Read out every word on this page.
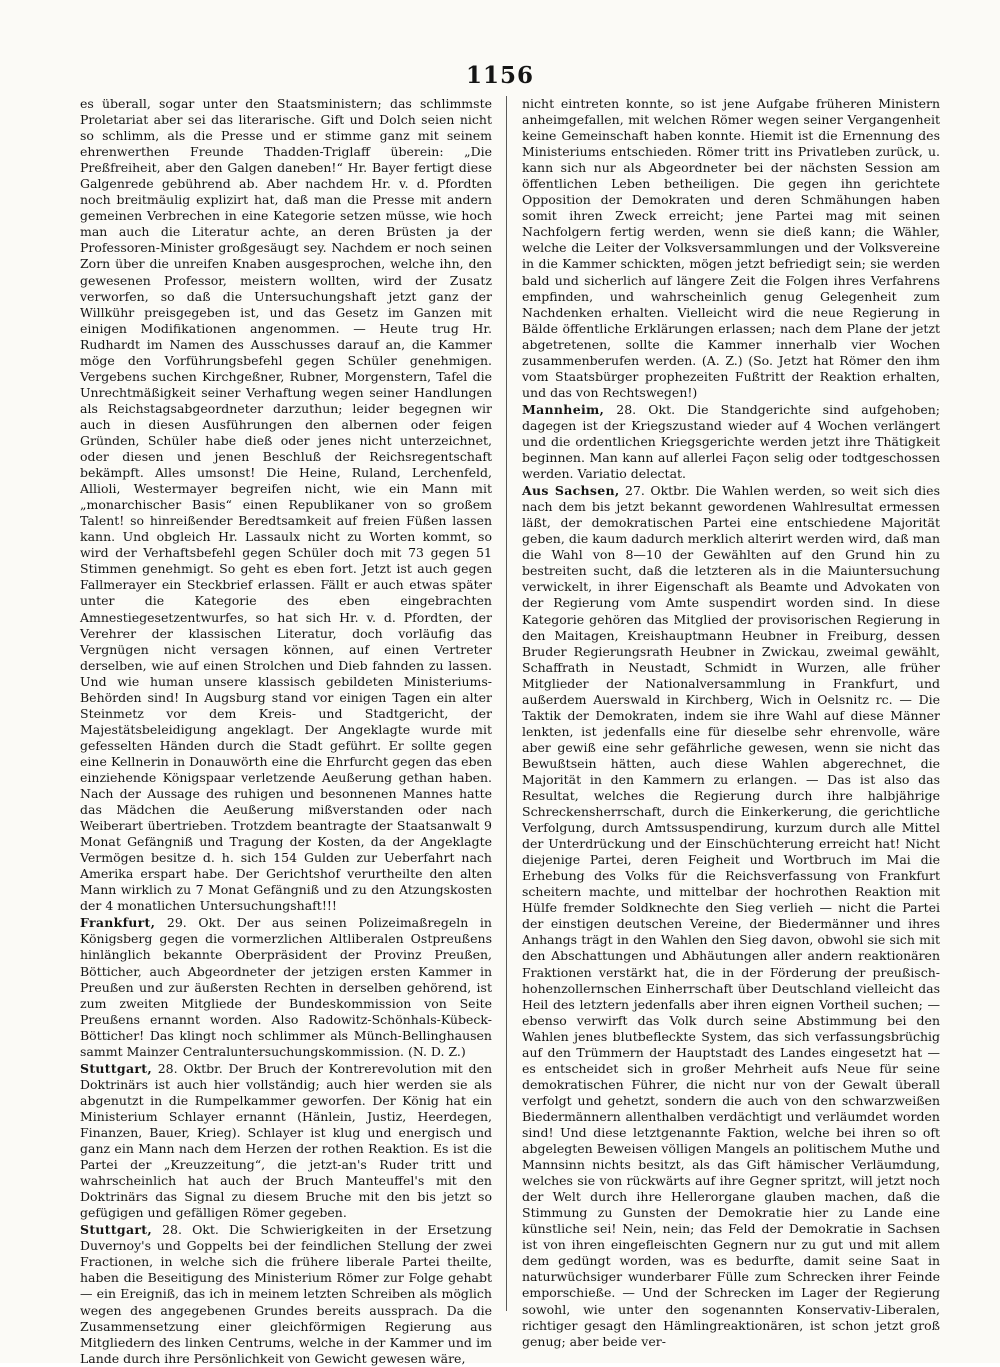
1156

es überall, sogar unter den Staatsministern; das schlimmste Proletariat aber sei das literarische. Gift und Dolch seien nicht so schlimm, als die Presse und er stimme ganz mit seinem ehrenwerthen Freunde Thadden-Triglaff überein: „Die Preßfreiheit, aber den Galgen daneben!“ Hr. Bayer fertigt diese Galgenrede gebührend ab. Aber nachdem Hr. v. d. Pfordten noch breitmäulig explizirt hat, daß man die Presse mit andern gemeinen Verbrechen in eine Kategorie setzen müsse, wie hoch man auch die Literatur achte, an deren Brüsten ja der Professoren-Minister großgesäugt sey. Nachdem er noch seinen Zorn über die unreifen Knaben ausgesprochen, welche ihn, den gewesenen Professor, meistern wollten, wird der Zusatz verworfen, so daß die Untersuchungshaft jetzt ganz der Willkühr preisgegeben ist, und das Gesetz im Ganzen mit einigen Modifikationen angenommen. — Heute trug Hr. Rudhardt im Namen des Ausschusses darauf an, die Kammer möge den Vorführungsbefehl gegen Schüler genehmigen. Vergebens suchen Kirchgeßner, Rubner, Morgenstern, Tafel die Unrechtmäßigkeit seiner Verhaftung wegen seiner Handlungen als Reichstagsabgeordneter darzuthun; leider begegnen wir auch in diesen Ausführungen den albernen oder feigen Gründen, Schüler habe dieß oder jenes nicht unterzeichnet, oder diesen und jenen Beschluß der Reichsregentschaft bekämpft. Alles umsonst! Die Heine, Ruland, Lerchenfeld, Allioli, Westermayer begreifen nicht, wie ein Mann mit „monarchischer Basis“ einen Republikaner von so großem Talent! so hinreißender Beredtsamkeit auf freien Füßen lassen kann. Und obgleich Hr. Lassaulx nicht zu Worten kommt, so wird der Verhaftsbefehl gegen Schüler doch mit 73 gegen 51 Stimmen genehmigt. So geht es eben fort. Jetzt ist auch gegen Fallmerayer ein Steckbrief erlassen. Fällt er auch etwas später unter die Kategorie des eben eingebrachten Amnestiegesetzentwurfes, so hat sich Hr. v. d. Pfordten, der Verehrer der klassischen Literatur, doch vorläufig das Vergnügen nicht versagen können, auf einen Vertreter derselben, wie auf einen Strolchen und Dieb fahnden zu lassen. Und wie human unsere klassisch gebildeten Ministeriums-Behörden sind! In Augsburg stand vor einigen Tagen ein alter Steinmetz vor dem Kreis- und Stadtgericht, der Majestätsbeleidigung angeklagt. Der Angeklagte wurde mit gefesselten Händen durch die Stadt geführt. Er sollte gegen eine Kellnerin in Donauwörth eine die Ehrfurcht gegen das eben einziehende Königspaar verletzende Aeußerung gethan haben. Nach der Aussage des ruhigen und besonnenen Mannes hatte das Mädchen die Aeußerung mißverstanden oder nach Weiberart übertrieben. Trotzdem beantragte der Staatsanwalt 9 Monat Gefängniß und Tragung der Kosten, da der Angeklagte Vermögen besitze d. h. sich 154 Gulden zur Ueberfahrt nach Amerika erspart habe. Der Gerichtshof verurtheilte den alten Mann wirklich zu 7 Monat Gefängniß und zu den Atzungskosten der 4 monatlichen Untersuchungshaft!!!

Frankfurt, 29. Okt. Der aus seinen Polizeimaßregeln in Königsberg gegen die vormerzlichen Altliberalen Ostpreußens hinlänglich bekannte Oberpräsident der Provinz Preußen, Bötticher, auch Abgeordneter der jetzigen ersten Kammer in Preußen und zur äußersten Rechten in derselben gehörend, ist zum zweiten Mitgliede der Bundeskommission von Seite Preußens ernannt worden. Also Radowitz-Schönhals-Kübeck-Bötticher! Das klingt noch schlimmer als Münch-Bellinghausen sammt Mainzer Centraluntersuchungskommission. (N. D. Z.)

Stuttgart, 28. Oktbr. Der Bruch der Kontrerevolution mit den Doktrinärs ist auch hier vollständig; auch hier werden sie als abgenutzt in die Rumpelkammer geworfen. Der König hat ein Ministerium Schlayer ernannt (Hänlein, Justiz, Heerdegen, Finanzen, Bauer, Krieg). Schlayer ist klug und energisch und ganz ein Mann nach dem Herzen der rothen Reaktion. Es ist die Partei der „Kreuzzeitung“, die jetzt-an's Ruder tritt und wahrscheinlich hat auch der Bruch Manteuffel's mit den Doktrinärs das Signal zu diesem Bruche mit den bis jetzt so gefügigen und gefälligen Römer gegeben.

Stuttgart, 28. Okt. Die Schwierigkeiten in der Ersetzung Duvernoy's und Goppelts bei der feindlichen Stellung der zwei Fractionen, in welche sich die frühere liberale Partei theilte, haben die Beseitigung des Ministerium Römer zur Folge gehabt — ein Ereigniß, das ich in meinem letzten Schreiben als möglich wegen des angegebenen Grundes bereits aussprach. Da die Zusammensetzung einer gleichförmigen Regierung aus Mitgliedern des linken Centrums, welche in der Kammer und im Lande durch ihre Persönlichkeit von Gewicht gewesen wäre,

nicht eintreten konnte, so ist jene Aufgabe früheren Ministern anheimgefallen, mit welchen Römer wegen seiner Vergangenheit keine Gemeinschaft haben konnte. Hiemit ist die Ernennung des Ministeriums entschieden. Römer tritt ins Privatleben zurück, u. kann sich nur als Abgeordneter bei der nächsten Session am öffentlichen Leben betheiligen. Die gegen ihn gerichtete Opposition der Demokraten und deren Schmähungen haben somit ihren Zweck erreicht; jene Partei mag mit seinen Nachfolgern fertig werden, wenn sie dieß kann; die Wähler, welche die Leiter der Volksversammlungen und der Volksvereine in die Kammer schickten, mögen jetzt befriedigt sein; sie werden bald und sicherlich auf längere Zeit die Folgen ihres Verfahrens empfinden, und wahrscheinlich genug Gelegenheit zum Nachdenken erhalten. Vielleicht wird die neue Regierung in Bälde öffentliche Erklärungen erlassen; nach dem Plane der jetzt abgetretenen, sollte die Kammer innerhalb vier Wochen zusammenberufen werden. (A. Z.) (So. Jetzt hat Römer den ihm vom Staatsbürger prophezeiten Fußtritt der Reaktion erhalten, und das von Rechtswegen!)

Mannheim, 28. Okt. Die Standgerichte sind aufgehoben; dagegen ist der Kriegszustand wieder auf 4 Wochen verlängert und die ordentlichen Kriegsgerichte werden jetzt ihre Thätigkeit beginnen. Man kann auf allerlei Façon selig oder todtgeschossen werden. Variatio delectat.

Aus Sachsen, 27. Oktbr. Die Wahlen werden, so weit sich dies nach dem bis jetzt bekannt gewordenen Wahlresultat ermessen läßt, der demokratischen Partei eine entschiedene Majorität geben, die kaum dadurch merklich alterirt werden wird, daß man die Wahl von 8—10 der Gewählten auf den Grund hin zu bestreiten sucht, daß die letzteren als in die Maiuntersuchung verwickelt, in ihrer Eigenschaft als Beamte und Advokaten von der Regierung vom Amte suspendirt worden sind. In diese Kategorie gehören das Mitglied der provisorischen Regierung in den Maitagen, Kreishauptmann Heubner in Freiburg, dessen Bruder Regierungsrath Heubner in Zwickau, zweimal gewählt, Schaffrath in Neustadt, Schmidt in Wurzen, alle früher Mitglieder der Nationalversammlung in Frankfurt, und außerdem Auerswald in Kirchberg, Wich in Oelsnitz rc. — Die Taktik der Demokraten, indem sie ihre Wahl auf diese Männer lenkten, ist jedenfalls eine für dieselbe sehr ehrenvolle, wäre aber gewiß eine sehr gefährliche gewesen, wenn sie nicht das Bewußtsein hätten, auch diese Wahlen abgerechnet, die Majorität in den Kammern zu erlangen. — Das ist also das Resultat, welches die Regierung durch ihre halbjährige Schreckensherrschaft, durch die Einkerkerung, die gerichtliche Verfolgung, durch Amtssuspendirung, kurzum durch alle Mittel der Unterdrückung und der Einschüchterung erreicht hat! Nicht diejenige Partei, deren Feigheit und Wortbruch im Mai die Erhebung des Volks für die Reichsverfassung von Frankfurt scheitern machte, und mittelbar der hochrothen Reaktion mit Hülfe fremder Soldknechte den Sieg verlieh — nicht die Partei der einstigen deutschen Vereine, der Biedermänner und ihres Anhangs trägt in den Wahlen den Sieg davon, obwohl sie sich mit den Abschattungen und Abhäutungen aller andern reaktionären Fraktionen verstärkt hat, die in der Förderung der preußisch-hohenzollernschen Einherrschaft über Deutschland vielleicht das Heil des letztern jedenfalls aber ihren eignen Vortheil suchen; — ebenso verwirft das Volk durch seine Abstimmung bei den Wahlen jenes blutbefleckte System, das sich verfassungsbrüchig auf den Trümmern der Hauptstadt des Landes eingesetzt hat — es entscheidet sich in großer Mehrheit aufs Neue für seine demokratischen Führer, die nicht nur von der Gewalt überall verfolgt und gehetzt, sondern die auch von den schwarzweißen Biedermännern allenthalben verdächtigt und verläumdet worden sind! Und diese letztgenannte Faktion, welche bei ihren so oft abgelegten Beweisen völligen Mangels an politischem Muthe und Mannsinn nichts besitzt, als das Gift hämischer Verläumdung, welches sie von rückwärts auf ihre Gegner spritzt, will jetzt noch der Welt durch ihre Hellerorgane glauben machen, daß die Stimmung zu Gunsten der Demokratie hier zu Lande eine künstliche sei! Nein, nein; das Feld der Demokratie in Sachsen ist von ihren eingefleischten Gegnern nur zu gut und mit allem dem gedüngt worden, was es bedurfte, damit seine Saat in naturwüchsiger wunderbarer Fülle zum Schrecken ihrer Feinde emporschieße. — Und der Schrecken im Lager der Regierung sowohl, wie unter den sogenannten Konservativ-Liberalen, richtiger gesagt den Hämlingreaktionären, ist schon jetzt groß genug; aber beide ver-
